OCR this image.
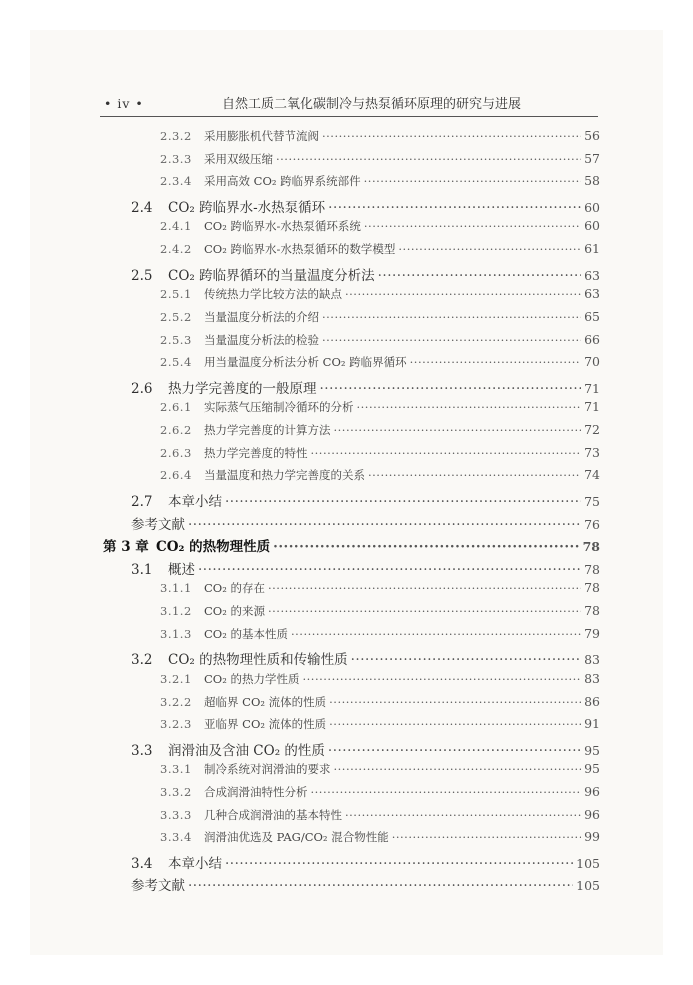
• iv •	自然工质二氧化碳制冷与热泵循环原理的研究与进展
2.3.2	采用膨胀机代替节流阀 ·····	56
2.3.3	采用双级压缩 ·····	57
2.3.4	采用高效 CO₂ 跨临界系统部件 ·····	58
2.4	CO₂ 跨临界水-水热泵循环 ·····	60
2.4.1	CO₂ 跨临界水-水热泵循环系统 ·····	60
2.4.2	CO₂ 跨临界水-水热泵循环的数学模型 ·····	61
2.5	CO₂ 跨临界循环的当量温度分析法 ·····	63
2.5.1	传统热力学比较方法的缺点 ·····	63
2.5.2	当量温度分析法的介绍 ·····	65
2.5.3	当量温度分析法的检验 ·····	66
2.5.4	用当量温度分析法分析 CO₂ 跨临界循环 ·····	70
2.6	热力学完善度的一般原理 ·····	71
2.6.1	实际蒸气压缩制冷循环的分析 ·····	71
2.6.2	热力学完善度的计算方法 ·····	72
2.6.3	热力学完善度的特性 ·····	73
2.6.4	当量温度和热力学完善度的关系 ·····	74
2.7	本章小结 ·····	75
参考文献 ·····	76
第 3 章 CO₂ 的热物理性质 ·····	78
3.1	概述 ·····	78
3.1.1	CO₂ 的存在 ·····	78
3.1.2	CO₂ 的来源 ·····	78
3.1.3	CO₂ 的基本性质 ·····	79
3.2	CO₂ 的热物理性质和传输性质 ·····	83
3.2.1	CO₂ 的热力学性质 ·····	83
3.2.2	超临界 CO₂ 流体的性质 ·····	86
3.2.3	亚临界 CO₂ 流体的性质 ·····	91
3.3	润滑油及含油 CO₂ 的性质 ·····	95
3.3.1	制冷系统对润滑油的要求 ·····	95
3.3.2	合成润滑油特性分析 ·····	96
3.3.3	几种合成润滑油的基本特性 ·····	96
3.3.4	润滑油优选及 PAG/CO₂ 混合物性能 ·····	99
3.4	本章小结 ·····	105
参考文献 ·····	105
